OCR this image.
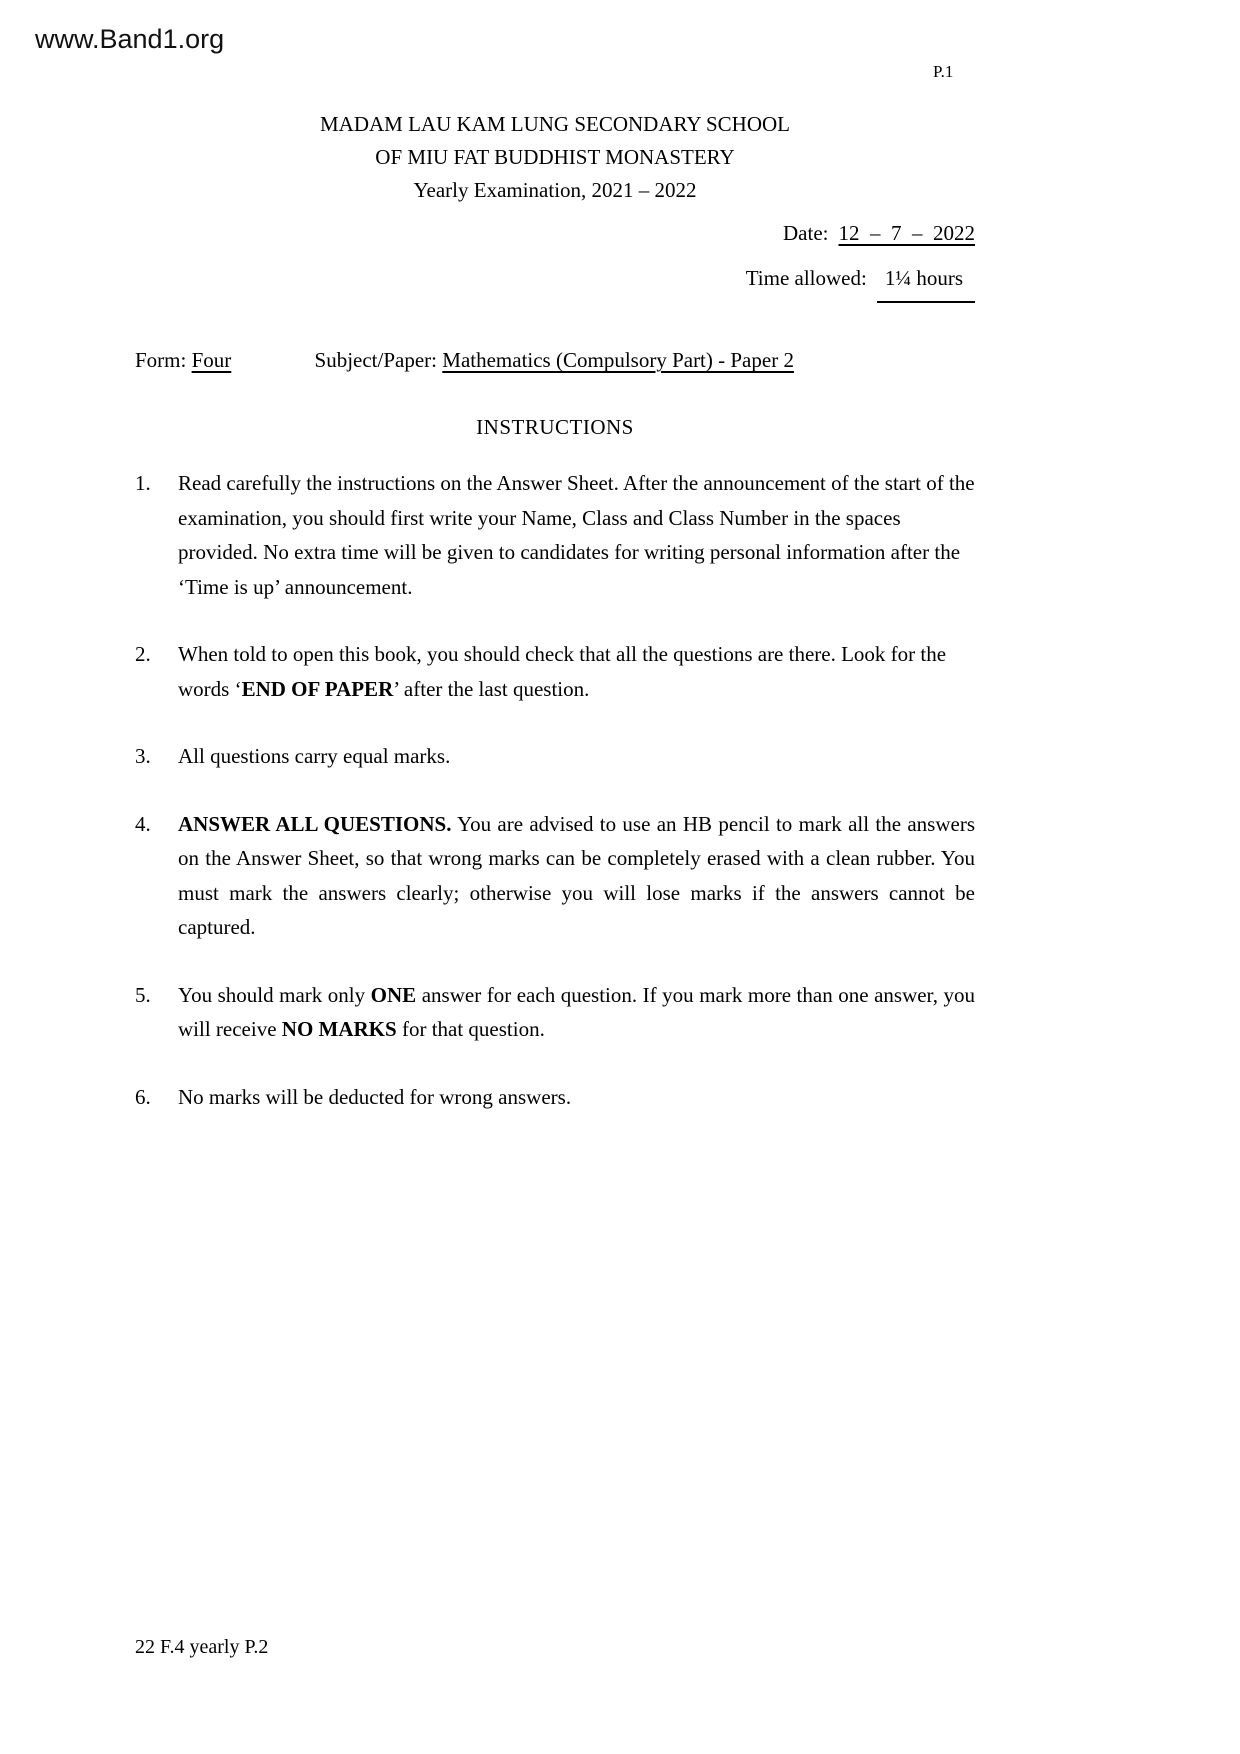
www.Band1.org
P.1
MADAM LAU KAM LUNG SECONDARY SCHOOL
OF MIU FAT BUDDHIST MONASTERY
Yearly Examination, 2021 – 2022
Date: 12  –  7  –  2022
Time allowed: 1¼ hours
Form: Four	Subject/Paper: Mathematics (Compulsory Part) - Paper 2
INSTRUCTIONS
1.	Read carefully the instructions on the Answer Sheet. After the announcement of the start of the examination, you should first write your Name, Class and Class Number in the spaces provided. No extra time will be given to candidates for writing personal information after the ‘Time is up’ announcement.

2.	When told to open this book, you should check that all the questions are there. Look for the words ‘END OF PAPER’ after the last question.

3.	All questions carry equal marks.

4.	ANSWER ALL QUESTIONS. You are advised to use an HB pencil to mark all the answers on the Answer Sheet, so that wrong marks can be completely erased with a clean rubber. You must mark the answers clearly; otherwise you will lose marks if the answers cannot be captured.

5.	You should mark only ONE answer for each question. If you mark more than one answer, you will receive NO MARKS for that question.

6.	No marks will be deducted for wrong answers.

22 F.4 yearly P.2
